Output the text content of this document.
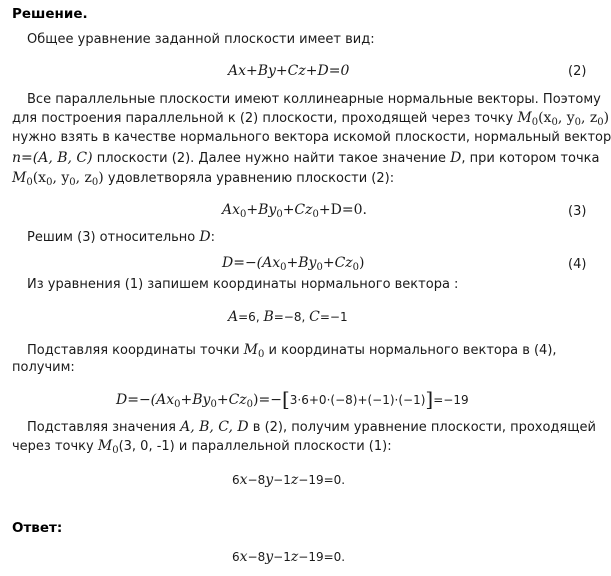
Решение.
Общее уравнение заданной плоскости имеет вид:
Ax+By+Cz+D=0	(2)
Все параллельные плоскости имеют коллинеарные нормальные векторы. Поэтому
для построения параллельной к (2) плоскости, проходящей через точку $M_0(x_0$, $y_0$, $z_0$)
нужно взять в качестве нормального вектора искомой плоскости, нормальный вектор
n=(A, B, C) плоскости (2). Далее нужно найти такое значение D, при котором точка
$M_0(x_0$, $y_0$, $z_0$) удовлетворяла уравнению плоскости (2):
$Ax_0+By_0+Cz_0+D=0$.	(3)
Решим (3) относительно D:
$D=-(Ax_0+By_0+Cz_0)$	(4)
Из уравнения (1) запишем координаты нормального вектора :
A=6, B=−8, C=−1
Подставляя координаты точки $M_0$ и координаты нормального вектора в (4),
получим:
$D=-(Ax_0+By_0+Cz_0)=-[3\cdot 6+0\cdot(-8)+(-1)\cdot(-1)]=-19$
Подставляя значения A, B, C, D в (2), получим уравнение плоскости, проходящей
через точку $M_0(3$, 0, -1) и параллельной плоскости (1):
6x−8y−1z−19=0.
Ответ:
6x−8y−1z−19=0.
